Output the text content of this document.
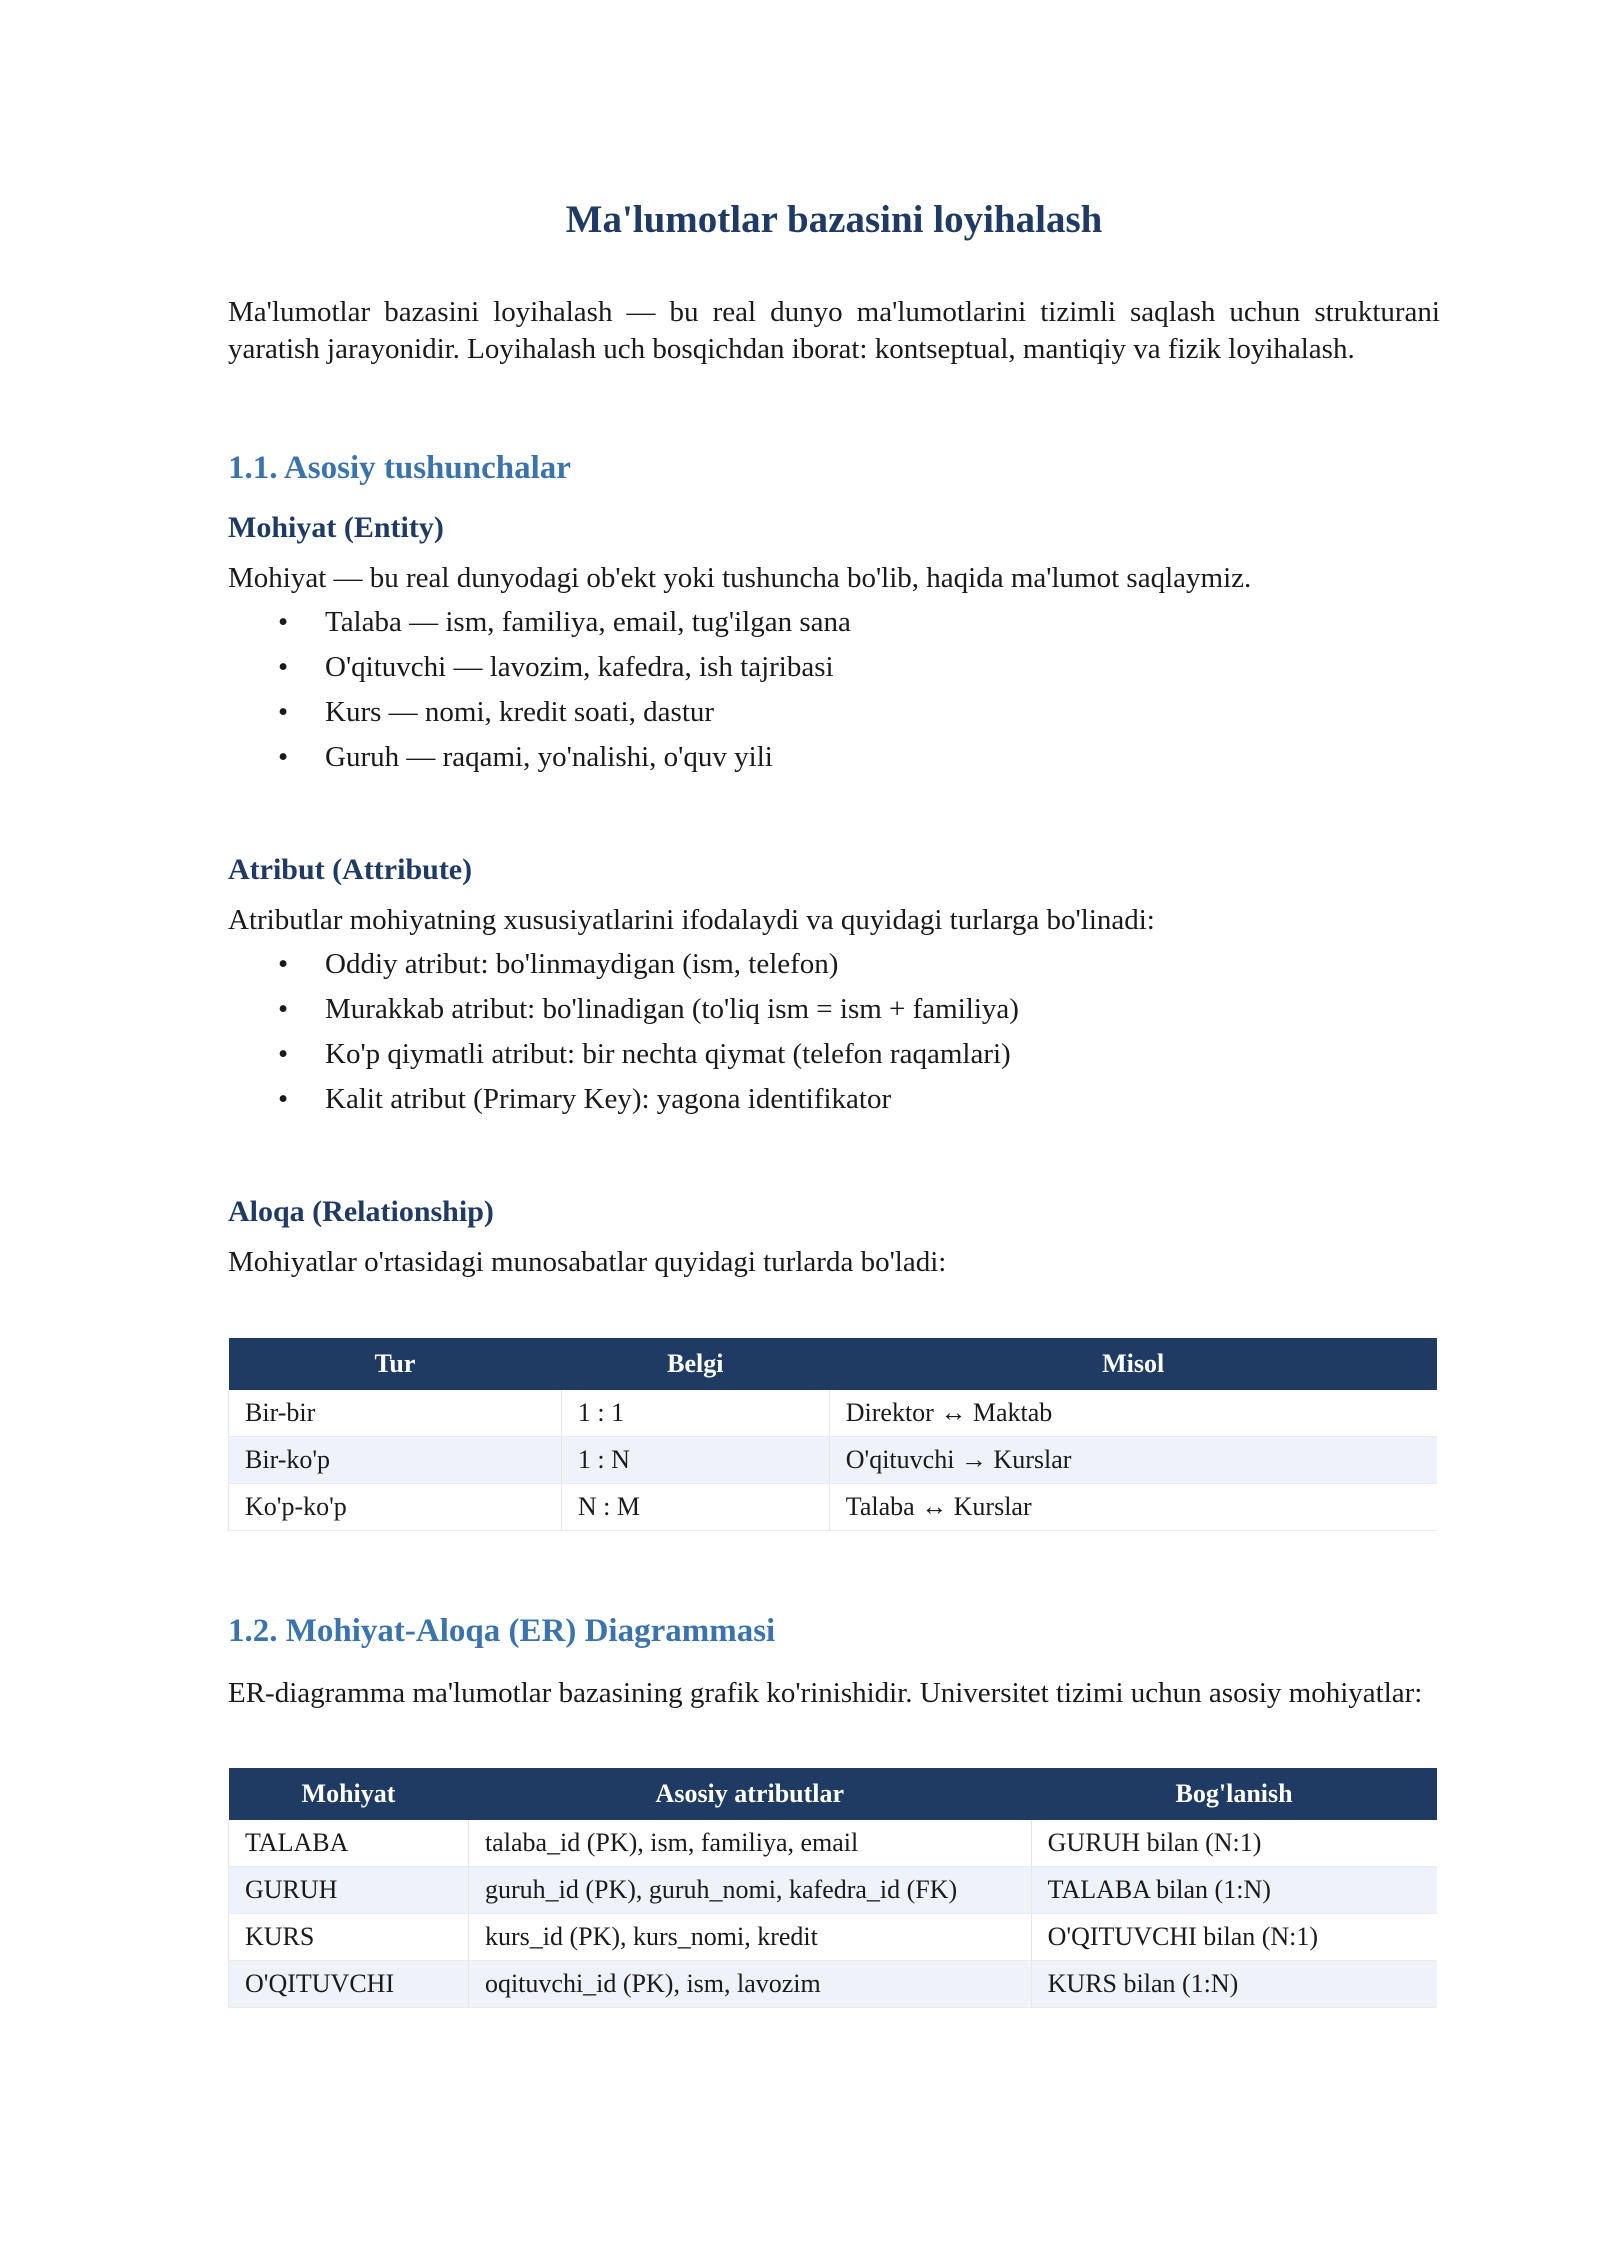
Ma'lumotlar bazasini loyihalash

Ma'lumotlar bazasini loyihalash — bu real dunyo ma'lumotlarini tizimli saqlash uchun strukturani yaratish jarayonidir. Loyihalash uch bosqichdan iborat: kontseptual, mantiqiy va fizik loyihalash.

1.1. Asosiy tushunchalar
Mohiyat (Entity)

Mohiyat — bu real dunyodagi ob'ekt yoki tushuncha bo'lib, haqida ma'lumot saqlaymiz.

• Talaba — ism, familiya, email, tug'ilgan sana
• O'qituvchi — lavozim, kafedra, ish tajribasi
• Kurs — nomi, kredit soati, dastur
• Guruh — raqami, yo'nalishi, o'quv yili
Atribut (Attribute)

Atributlar mohiyatning xususiyatlarini ifodalaydi va quyidagi turlarga bo'linadi:

• Oddiy atribut: bo'linmaydigan (ism, telefon)
• Murakkab atribut: bo'linadigan (to'liq ism = ism + familiya)
• Ko'p qiymatli atribut: bir nechta qiymat (telefon raqamlari)
• Kalit atribut (Primary Key): yagona identifikator
Aloqa (Relationship)

Mohiyatlar o'rtasidagi munosabatlar quyidagi turlarda bo'ladi:

Tur	Belgi	Misol
Bir-bir	1 : 1	Direktor ↔ Maktab
Bir-ko'p	1 : N	O'qituvchi → Kurslar
Ko'p-ko'p	N : M	Talaba ↔ Kurslar
1.2. Mohiyat-Aloqa (ER) Diagrammasi

ER-diagramma ma'lumotlar bazasining grafik ko'rinishidir. Universitet tizimi uchun asosiy mohiyatlar:

Mohiyat	Asosiy atributlar	Bog'lanish
TALABA	talaba_id (PK), ism, familiya, email	GURUH bilan (N:1)
GURUH	guruh_id (PK), guruh_nomi, kafedra_id (FK)	TALABA bilan (1:N)
KURS	kurs_id (PK), kurs_nomi, kredit	O'QITUVCHI bilan (N:1)
O'QITUVCHI	oqituvchi_id (PK), ism, lavozim	KURS bilan (1:N)
